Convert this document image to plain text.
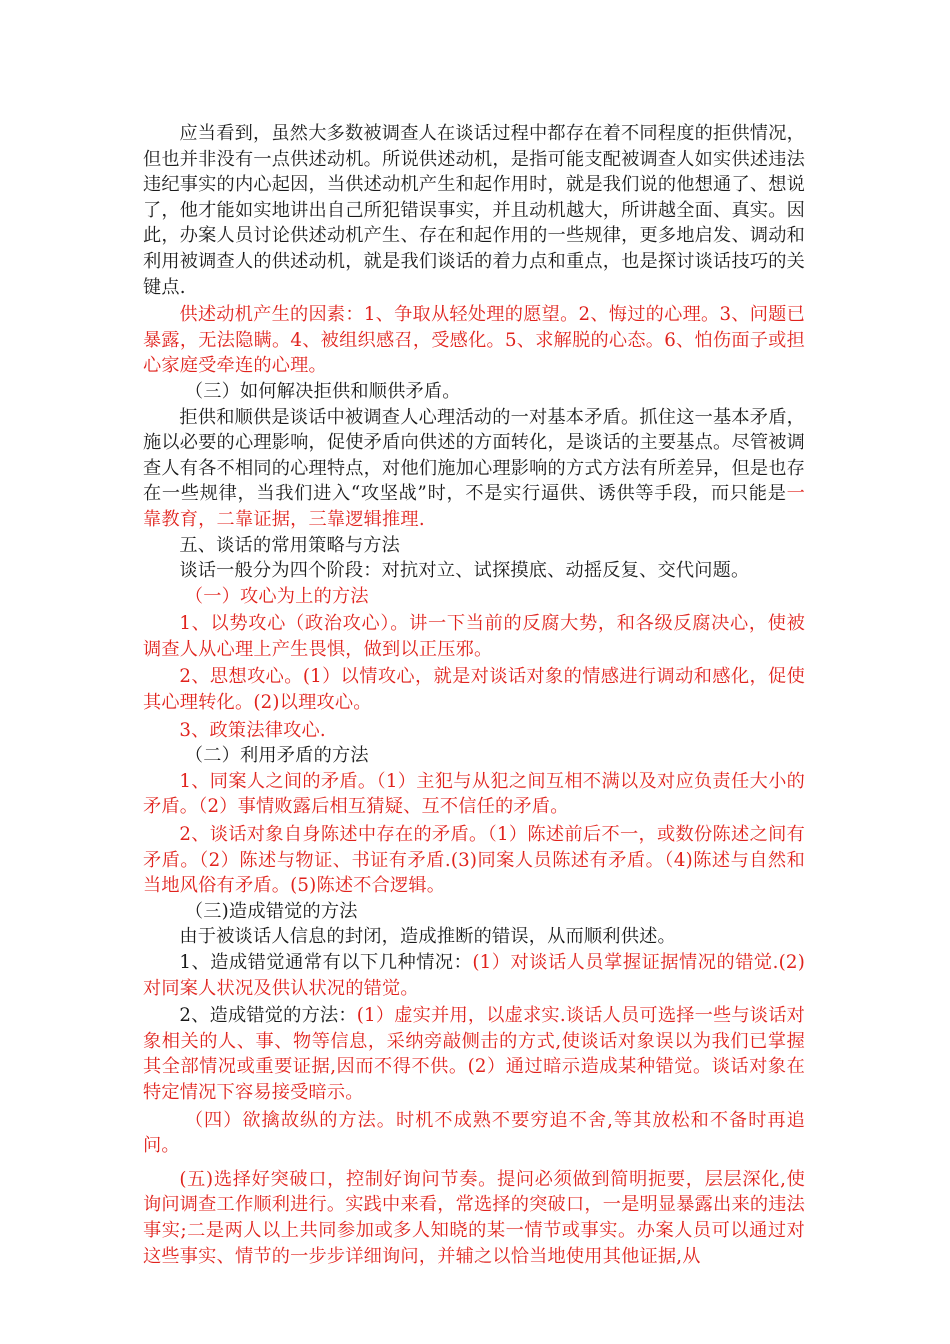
应当看到，虽然大多数被调查人在谈话过程中都存在着不同程度的拒供情况，但也并非没有一点供述动机。所说供述动机，是指可能支配被调查人如实供述违法违纪事实的内心起因，当供述动机产生和起作用时，就是我们说的他想通了、想说了，他才能如实地讲出自己所犯错误事实，并且动机越大，所讲越全面、真实。因此，办案人员讨论供述动机产生、存在和起作用的一些规律，更多地启发、调动和利用被调查人的供述动机，就是我们谈话的着力点和重点，也是探讨谈话技巧的关键点.

供述动机产生的因素：1、争取从轻处理的愿望。2、悔过的心理。3、问题已暴露，无法隐瞒。4、被组织感召，受感化。5、求解脱的心态。6、怕伤面子或担心家庭受牵连的心理。

（三）如何解决拒供和顺供矛盾。

拒供和顺供是谈话中被调查人心理活动的一对基本矛盾。抓住这一基本矛盾，施以必要的心理影响，促使矛盾向供述的方面转化，是谈话的主要基点。尽管被调查人有各不相同的心理特点，对他们施加心理影响的方式方法有所差异，但是也存在一些规律，当我们进入“攻坚战”时，不是实行逼供、诱供等手段，而只能是一靠教育，二靠证据，三靠逻辑推理.

五、谈话的常用策略与方法

谈话一般分为四个阶段：对抗对立、试探摸底、动摇反复、交代问题。

（一）攻心为上的方法

1、以势攻心（政治攻心）。讲一下当前的反腐大势，和各级反腐决心，使被调查人从心理上产生畏惧，做到以正压邪。

2、思想攻心。(1）以情攻心，就是对谈话对象的情感进行调动和感化，促使其心理转化。(2)以理攻心。

3、政策法律攻心.

（二）利用矛盾的方法

1、同案人之间的矛盾。（1）主犯与从犯之间互相不满以及对应负责任大小的矛盾。（2）事情败露后相互猜疑、互不信任的矛盾。

2、谈话对象自身陈述中存在的矛盾。（1）陈述前后不一，或数份陈述之间有矛盾。（2）陈述与物证、书证有矛盾.(3)同案人员陈述有矛盾。（4)陈述与自然和当地风俗有矛盾。(5)陈述不合逻辑。

（三)造成错觉的方法

由于被谈话人信息的封闭，造成推断的错误，从而顺利供述。

1、造成错觉通常有以下几种情况：(1）对谈话人员掌握证据情况的错觉.(2)对同案人状况及供认状况的错觉。

2、造成错觉的方法：(1）虚实并用，以虚求实.谈话人员可选择一些与谈话对象相关的人、事、物等信息，采纳旁敲侧击的方式,使谈话对象误以为我们已掌握其全部情况或重要证据,因而不得不供。(2）通过暗示造成某种错觉。谈话对象在特定情况下容易接受暗示。

（四）欲擒故纵的方法。时机不成熟不要穷追不舍,等其放松和不备时再追问。

(五)选择好突破口，控制好询问节奏。提问必须做到简明扼要，层层深化,使询问调查工作顺利进行。实践中来看，常选择的突破口，一是明显暴露出来的违法事实;二是两人以上共同参加或多人知晓的某一情节或事实。办案人员可以通过对这些事实、情节的一步步详细询问，并辅之以恰当地使用其他证据,从
